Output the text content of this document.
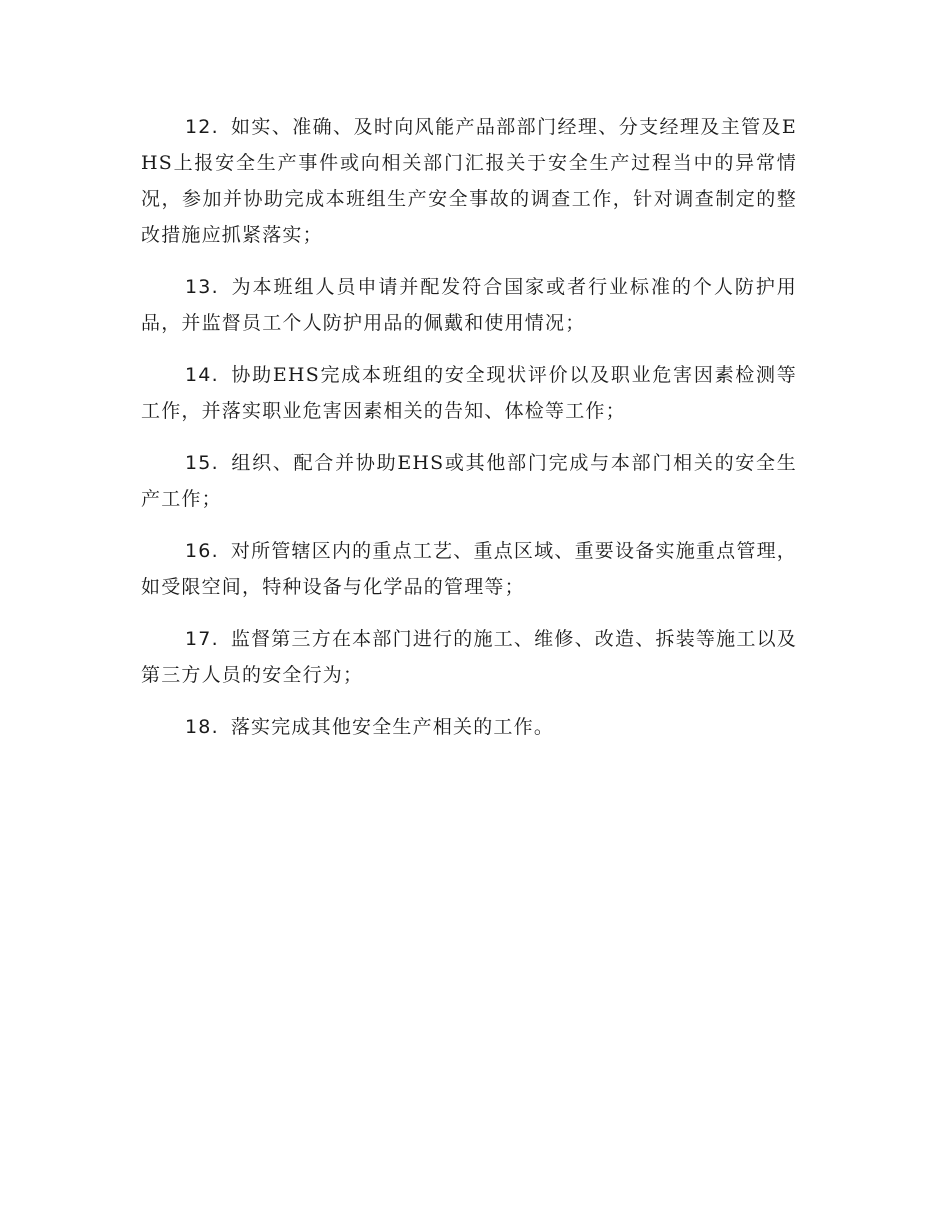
12. 如实、准确、及时向风能产品部部门经理、分支经理及主管及EHS上报安全生产事件或向相关部门汇报关于安全生产过程当中的异常情况，参加并协助完成本班组生产安全事故的调查工作，针对调查制定的整改措施应抓紧落实；

13. 为本班组人员申请并配发符合国家或者行业标准的个人防护用品，并监督员工个人防护用品的佩戴和使用情况；

14. 协助EHS完成本班组的安全现状评价以及职业危害因素检测等工作，并落实职业危害因素相关的告知、体检等工作；

15. 组织、配合并协助EHS或其他部门完成与本部门相关的安全生产工作；

16. 对所管辖区内的重点工艺、重点区域、重要设备实施重点管理，如受限空间，特种设备与化学品的管理等；

17. 监督第三方在本部门进行的施工、维修、改造、拆装等施工以及第三方人员的安全行为；

18. 落实完成其他安全生产相关的工作。
